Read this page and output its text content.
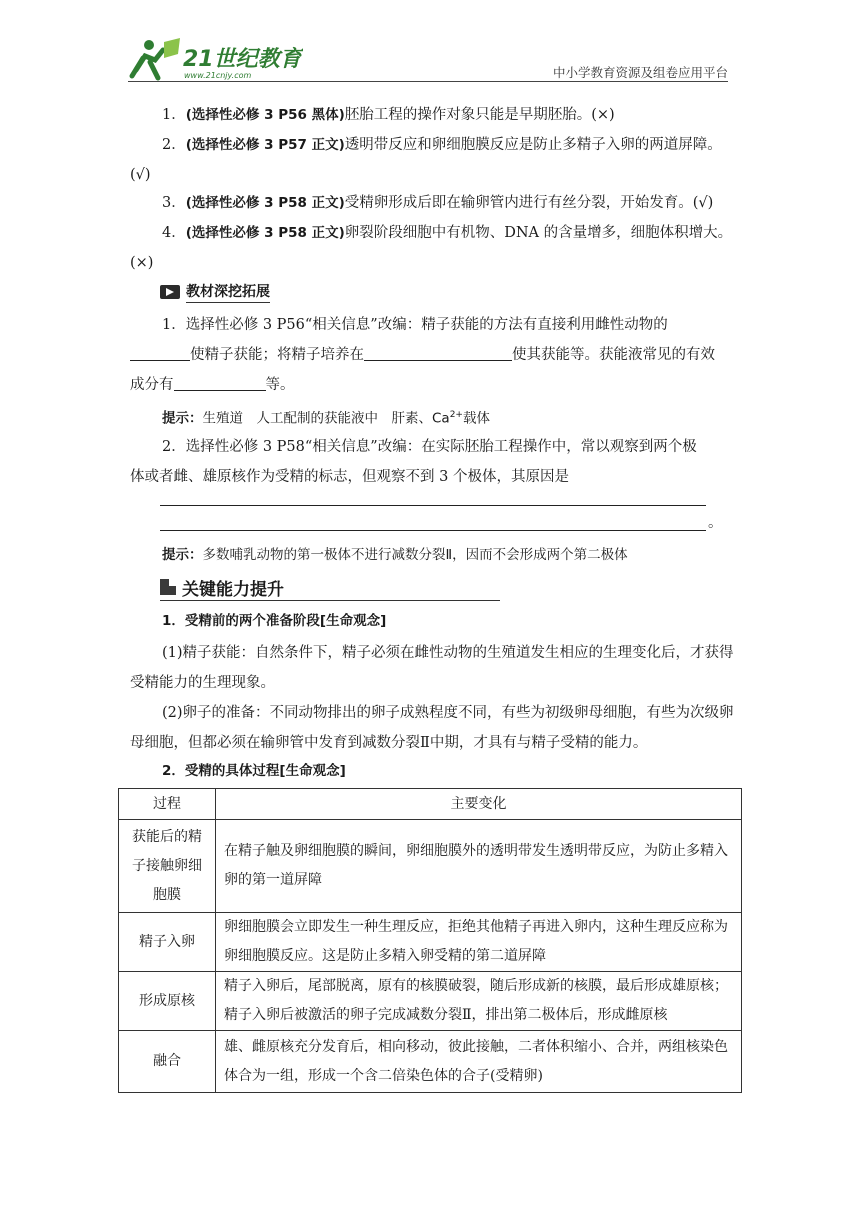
21世纪教育
www.21cnjy.com	中小学教育资源及组卷应用平台

1．(选择性必修 3 P56 黑体)胚胎工程的操作对象只能是早期胚胎。(×)

2．(选择性必修 3 P57 正文)透明带反应和卵细胞膜反应是防止多精子入卵的两道屏障。

(√)

3．(选择性必修 3 P58 正文)受精卵形成后即在输卵管内进行有丝分裂，开始发育。(√)

4．(选择性必修 3 P58 正文)卵裂阶段细胞中有机物、DNA 的含量增多，细胞体积增大。

(×)

1．选择性必修 3 P56“相关信息”改编：精子获能的方法有直接利用雌性动物的

使精子获能；将精子培养在	使其获能等。获能液常见的有效

成分有	等。

提示：生殖道　人工配制的获能液中　肝素、$Ca^{2+}$载体

2．选择性必修 3 P58“相关信息”改编：在实际胚胎工程操作中，常以观察到两个极

体或者雌、雄原核作为受精的标志，但观察不到 3 个极体，其原因是

。

提示：多数哺乳动物的第一极体不进行减数分裂Ⅱ，因而不会形成两个第二极体

1．受精前的两个准备阶段[生命观念]

(1)精子获能：自然条件下，精子必须在雌性动物的生殖道发生相应的生理变化后，才获得受精能力的生理现象。

(2)卵子的准备：不同动物排出的卵子成熟程度不同，有些为初级卵母细胞，有些为次级卵母细胞，但都必须在输卵管中发育到减数分裂Ⅱ中期，才具有与精子受精的能力。

2．受精的具体过程[生命观念]

教材深挖拓展
关键能力提升
过程	主要变化
获能后的精子接触卵细胞膜	在精子触及卵细胞膜的瞬间，卵细胞膜外的透明带发生透明带反应，为防止多精入卵的第一道屏障
精子入卵	卵细胞膜会立即发生一种生理反应，拒绝其他精子再进入卵内，这种生理反应称为卵细胞膜反应。这是防止多精入卵受精的第二道屏障
形成原核	精子入卵后，尾部脱离，原有的核膜破裂，随后形成新的核膜，最后形成雄原核；精子入卵后被激活的卵子完成减数分裂Ⅱ，排出第二极体后，形成雌原核
融合	雄、雌原核充分发育后，相向移动，彼此接触，二者体积缩小、合并，两组核染色体合为一组，形成一个含二倍染色体的合子(受精卵)
